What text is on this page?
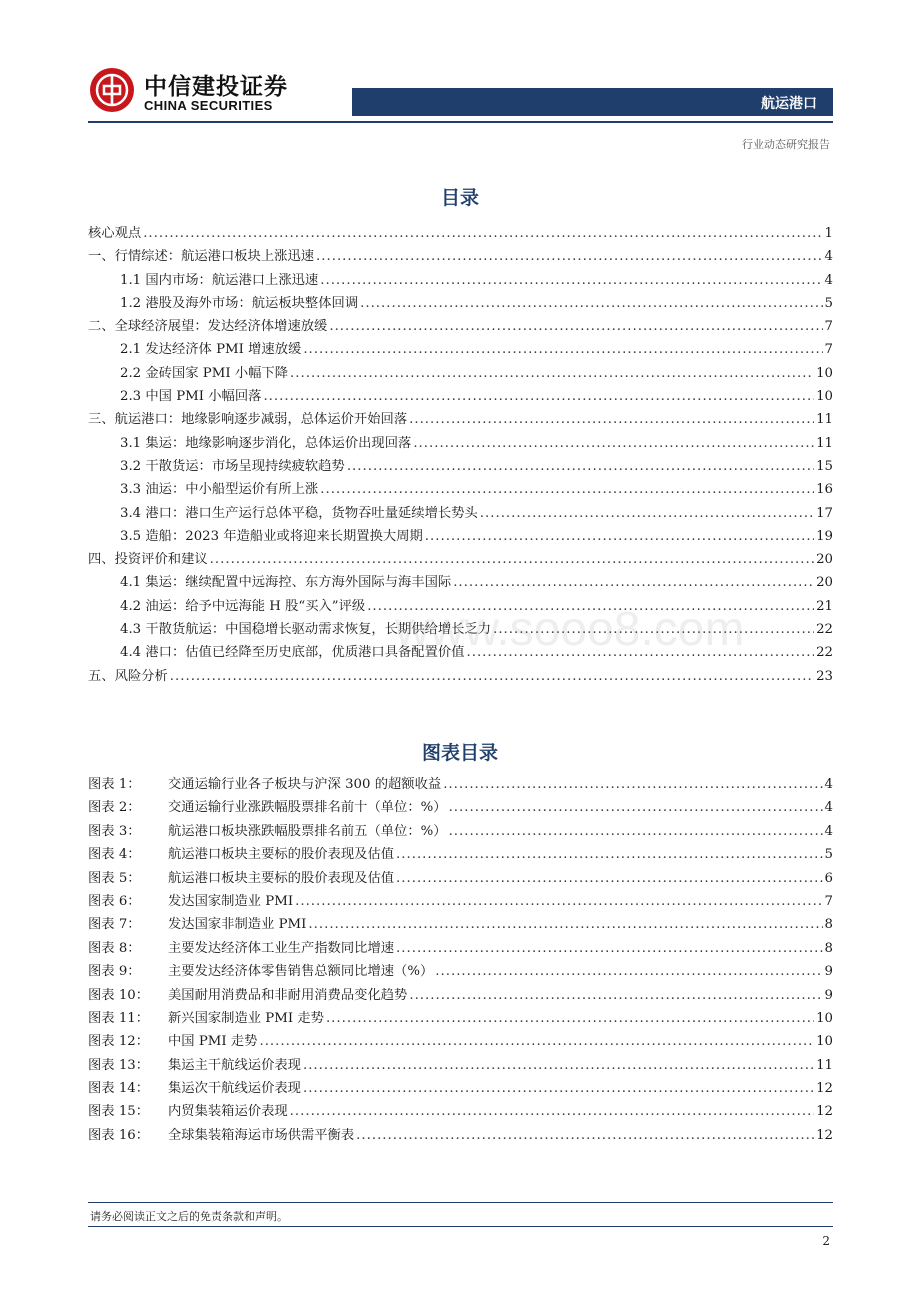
中信建投证券
CHINA SECURITIES	航运港口
行业动态研究报告
目录
核心观点 .....	1
一、行情综述：航运港口板块上涨迅速 .....	4
1.1 国内市场：航运港口上涨迅速 .....	4
1.2 港股及海外市场：航运板块整体回调 .....	5
二、全球经济展望：发达经济体增速放缓 .....	7
2.1 发达经济体 PMI 增速放缓 .....	7
2.2 金砖国家 PMI 小幅下降 .....	10
2.3 中国 PMI 小幅回落 .....	10
三、航运港口：地缘影响逐步减弱，总体运价开始回落 .....	11
3.1 集运：地缘影响逐步消化，总体运价出现回落 .....	11
3.2 干散货运：市场呈现持续疲软趋势 .....	15
3.3 油运：中小船型运价有所上涨 .....	16
3.4 港口：港口生产运行总体平稳，货物吞吐量延续增长势头 .....	17
3.5 造船：2023 年造船业或将迎来长期置换大周期 .....	19
四、投资评价和建议 .....	20
4.1 集运：继续配置中远海控、东方海外国际与海丰国际 .....	20
4.2 油运：给予中远海能 H 股“买入”评级 .....	21
4.3 干散货航运：中国稳增长驱动需求恢复，长期供给增长乏力 .....	22
4.4 港口：估值已经降至历史底部，优质港口具备配置价值 .....	22
五、风险分析 .....	23
图表目录
图表 1： 交通运输行业各子板块与沪深 300 的超额收益 .....	4
图表 2： 交通运输行业涨跌幅股票排名前十（单位：%） .....	4
图表 3： 航运港口板块涨跌幅股票排名前五（单位：%） .....	4
图表 4： 航运港口板块主要标的股价表现及估值 .....	5
图表 5： 航运港口板块主要标的股价表现及估值 .....	6
图表 6： 发达国家制造业 PMI .....	7
图表 7： 发达国家非制造业 PMI .....	8
图表 8： 主要发达经济体工业生产指数同比增速 .....	8
图表 9： 主要发达经济体零售销售总额同比增速（%） .....	9
图表 10： 美国耐用消费品和非耐用消费品变化趋势 .....	9
图表 11： 新兴国家制造业 PMI 走势 .....	10
图表 12： 中国 PMI 走势 .....	10
图表 13： 集运主干航线运价表现 .....	11
图表 14： 集运次干航线运价表现 .....	12
图表 15： 内贸集装箱运价表现 .....	12
图表 16： 全球集装箱海运市场供需平衡表 .....	12
www.sooo8.com
请务必阅读正文之后的免责条款和声明。
2
